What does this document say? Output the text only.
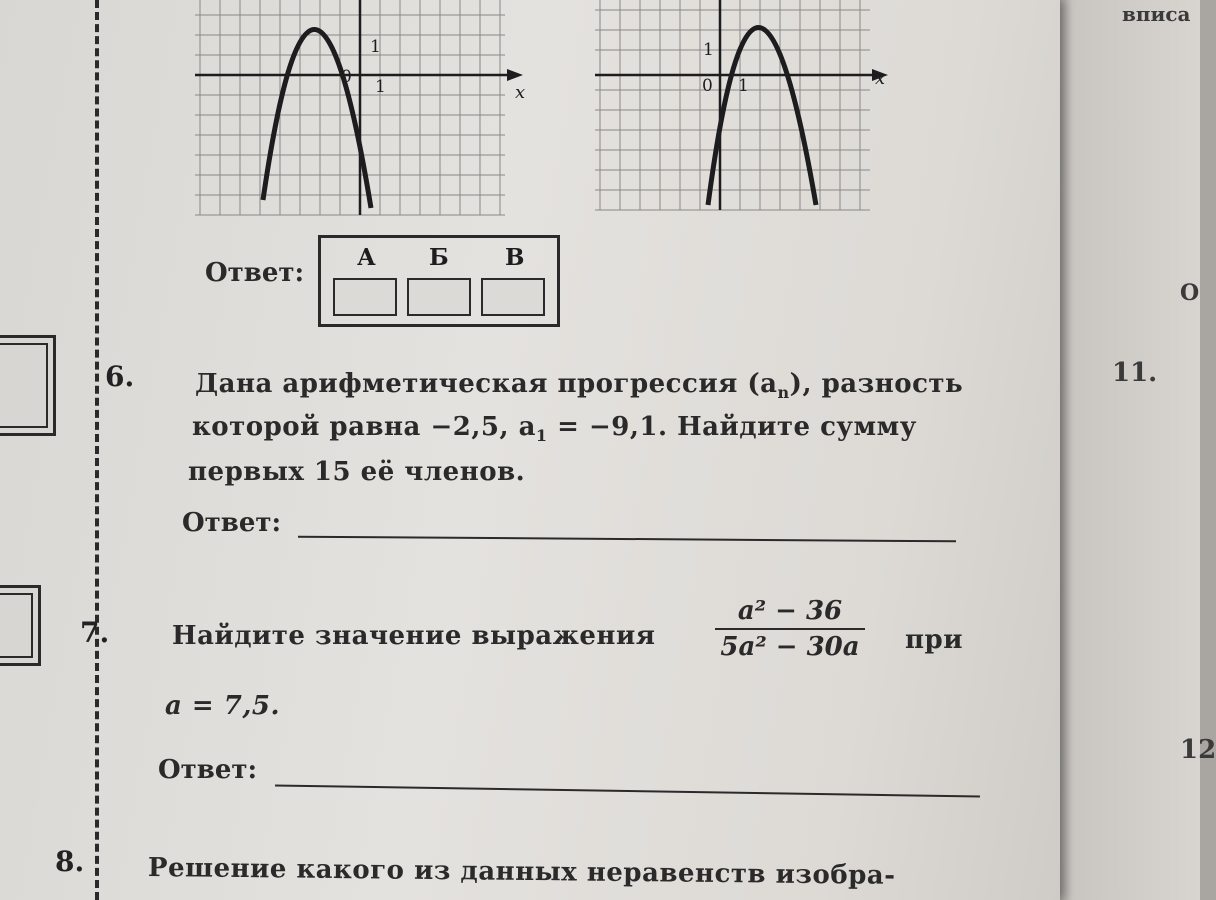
вписа
О
11.
12
0 1
1
x	0 1
1
x
Ответ:
А Б В
6. Дана арифметическая прогрессия $(a_n)$, разность
которой равна −2,5, $a_1 = -9,1$. Найдите сумму
первых 15 её членов.
Ответ:
7. Найдите значение выражения
a² − 36
5a² − 30a при
a = 7,5.
Ответ:
8. Решение какого из данных неравенств изобра-
